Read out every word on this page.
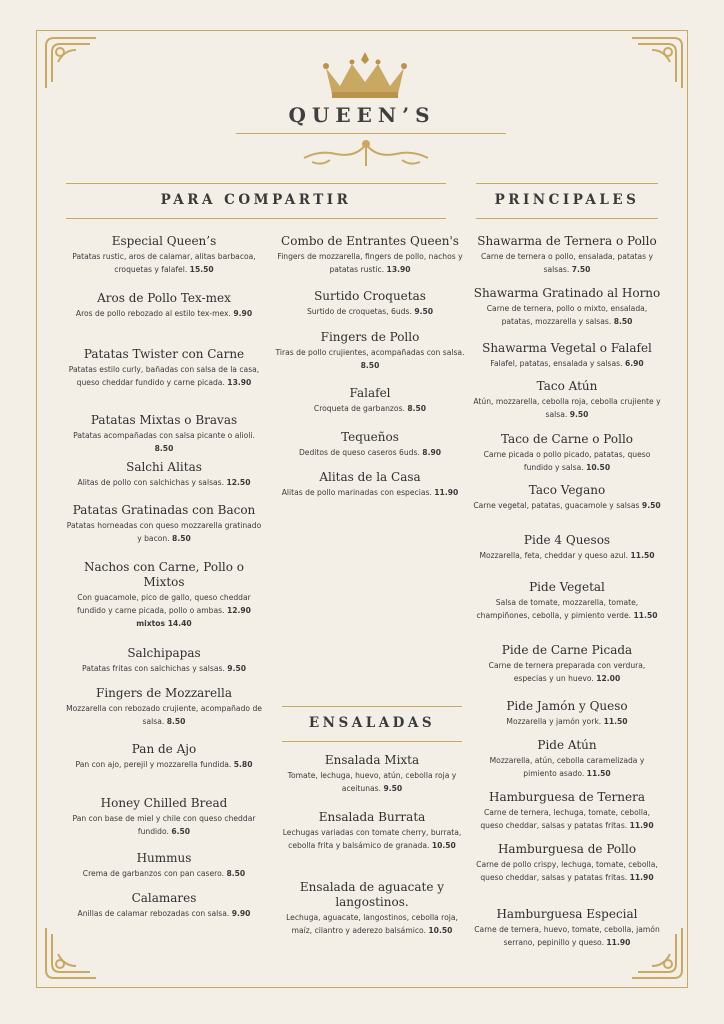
QUEEN’S
PARA COMPARTIR	PRINCIPALES
ENSALADAS
Especial Queen’s
Patatas rustic, aros de calamar, alitas barbacoa, croquetas y falafel. 15.50
Aros de Pollo Tex-mex
Aros de pollo rebozado al estilo tex-mex. 9.90
Patatas Twister con Carne
Patatas estilo curly, bañadas con salsa de la casa, queso cheddar fundido y carne picada. 13.90
Patatas Mixtas o Bravas
Patatas acompañadas con salsa picante o alioli. 8.50
Salchi Alitas
Alitas de pollo con salchichas y salsas. 12.50
Patatas Gratinadas con Bacon
Patatas horneadas con queso mozzarella gratinado y bacon. 8.50
Nachos con Carne, Pollo o Mixtos
Con guacamole, pico de gallo, queso cheddar fundido y carne picada, pollo o ambas. 12.90 mixtos 14.40
Salchipapas
Patatas fritas con salchichas y salsas. 9.50
Fingers de Mozzarella
Mozzarella con rebozado crujiente, acompañado de salsa. 8.50
Pan de Ajo
Pan con ajo, perejil y mozzarella fundida. 5.80
Honey Chilled Bread
Pan con base de miel y chile con queso cheddar fundido. 6.50
Hummus
Crema de garbanzos con pan casero. 8.50
Calamares
Anillas de calamar rebozadas con salsa. 9.90
Combo de Entrantes Queen's
Fingers de mozzarella, fingers de pollo, nachos y patatas rustic. 13.90
Surtido Croquetas
Surtido de croquetas, 6uds. 9.50
Fingers de Pollo
Tiras de pollo crujientes, acompañadas con salsa. 8.50
Falafel
Croqueta de garbanzos. 8.50
Tequeños
Deditos de queso caseros 6uds. 8.90
Alitas de la Casa
Alitas de pollo marinadas con especias. 11.90
Ensalada Mixta
Tomate, lechuga, huevo, atún, cebolla roja y aceitunas. 9.50
Ensalada Burrata
Lechugas variadas con tomate cherry, burrata, cebolla frita y balsámico de granada. 10.50
Ensalada de aguacate y langostinos.
Lechuga, aguacate, langostinos, cebolla roja, maíz, cilantro y aderezo balsámico. 10.50
Shawarma de Ternera o Pollo
Carne de ternera o pollo, ensalada, patatas y salsas. 7.50
Shawarma Gratinado al Horno
Carne de ternera, pollo o mixto, ensalada, patatas, mozzarella y salsas. 8.50
Shawarma Vegetal o Falafel
Falafel, patatas, ensalada y salsas. 6.90
Taco Atún
Atún, mozzarella, cebolla roja, cebolla crujiente y salsa. 9.50
Taco de Carne o Pollo
Carne picada o pollo picado, patatas, queso fundido y salsa. 10.50
Taco Vegano
Carne vegetal, patatas, guacamole y salsas 9.50
Pide 4 Quesos
Mozzarella, feta, cheddar y queso azul. 11.50
Pide Vegetal
Salsa de tomate, mozzarella, tomate, champiñones, cebolla, y pimiento verde. 11.50
Pide de Carne Picada
Carne de ternera preparada con verdura, especias y un huevo. 12.00
Pide Jamón y Queso
Mozzarella y jamón york. 11.50
Pide Atún
Mozzarella, atún, cebolla caramelizada y pimiento asado. 11.50
Hamburguesa de Ternera
Carne de ternera, lechuga, tomate, cebolla, queso cheddar, salsas y patatas fritas. 11.90
Hamburguesa de Pollo
Carne de pollo crispy, lechuga, tomate, cebolla, queso cheddar, salsas y patatas fritas. 11.90
Hamburguesa Especial
Carne de ternera, huevo, tomate, cebolla, jamón serrano, pepinillo y queso. 11.90
